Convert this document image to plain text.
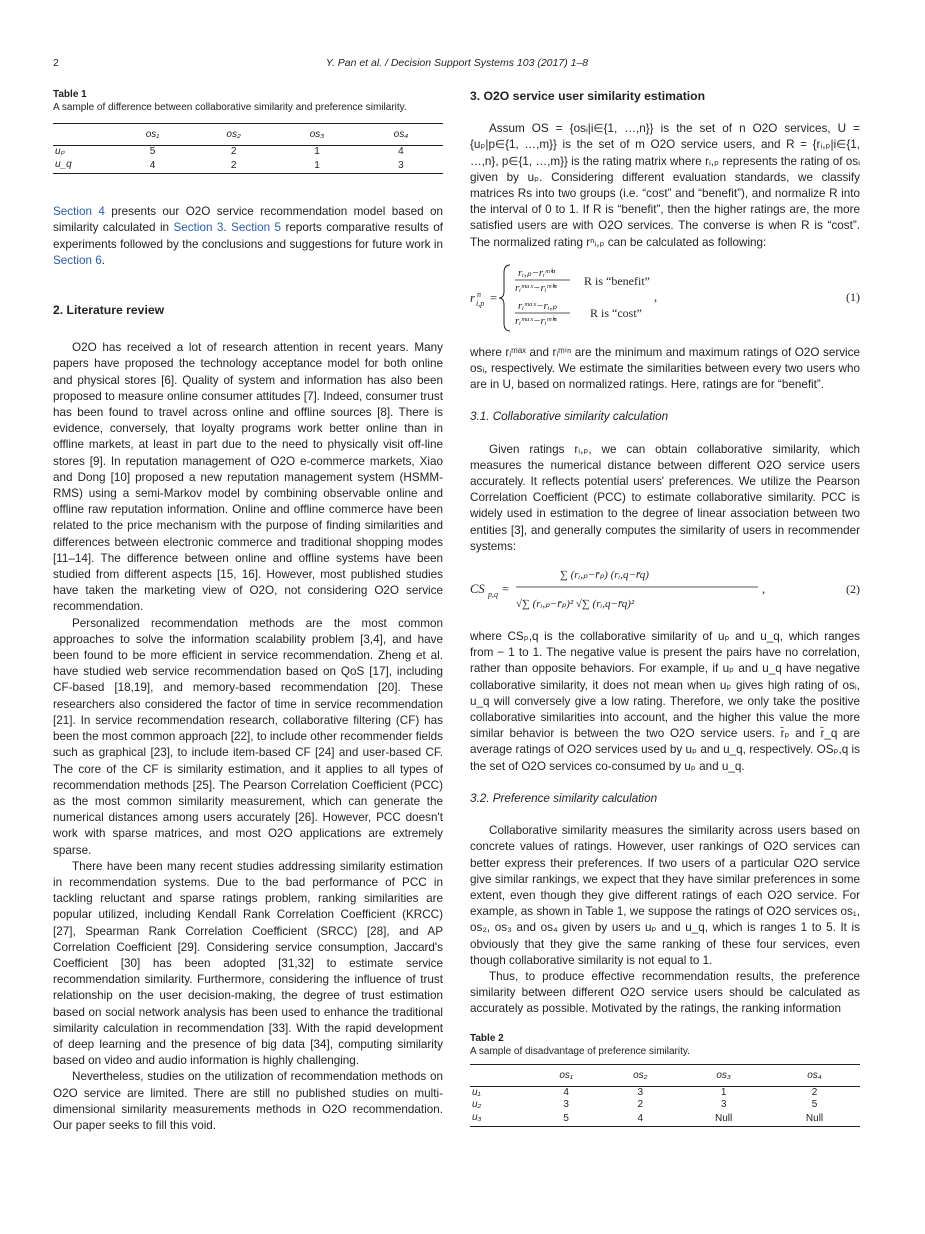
2	Y. Pan et al. / Decision Support Systems 103 (2017) 1–8
Table 1
A sample of difference between collaborative similarity and preference similarity.
	os₁	os₂	os₃	os₄
uₚ	5	2	1	4
u_q	4	2	1	3

Section 4 presents our O2O service recommendation model based on similarity calculated in Section 3. Section 5 reports comparative results of experiments followed by the conclusions and suggestions for future work in Section 6.

2. Literature review

O2O has received a lot of research attention in recent years. Many papers have proposed the technology acceptance model for both online and physical stores [6]. Quality of system and information has also been proposed to measure online consumer attitudes [7]. Indeed, consumer trust has been found to travel across online and offline sources [8]. There is evidence, conversely, that loyalty programs work better online than in offline markets, at least in part due to the need to physically visit off-line stores [9]. In reputation management of O2O e-commerce markets, Xiao and Dong [10] proposed a new reputation management system (HSMM-RMS) using a semi-Markov model by combining observable online and offline raw reputation information. Online and offline commerce have been related to the price mechanism with the purpose of finding similarities and differences between electronic commerce and traditional shopping modes [11–14]. The difference between online and offline systems have been studied from different aspects [15, 16]. However, most published studies have taken the marketing view of O2O, not considering O2O service recommendation.

Personalized recommendation methods are the most common approaches to solve the information scalability problem [3,4], and have been found to be more efficient in service recommendation. Zheng et al. have studied web service recommendation based on QoS [17], including CF-based [18,19], and memory-based recommendation [20]. These researchers also considered the factor of time in service recommendation [21]. In service recommendation research, collaborative filtering (CF) has been the most common approach [22], to include other recommender fields such as graphical [23], to include item-based CF [24] and user-based CF. The core of the CF is similarity estimation, and it applies to all types of recommendation methods [25]. The Pearson Correlation Coefficient (PCC) as the most common similarity measurement, which can generate the numerical distances among users accurately [26]. However, PCC doesn't work with sparse matrices, and most O2O applications are extremely sparse.

There have been many recent studies addressing similarity estimation in recommendation systems. Due to the bad performance of PCC in tackling reluctant and sparse ratings problem, ranking similarities are popular utilized, including Kendall Rank Correlation Coefficient (KRCC) [27], Spearman Rank Correlation Coefficient (SRCC) [28], and AP Correlation Coefficient [29]. Considering service consumption, Jaccard's Coefficient [30] has been adopted [31,32] to estimate service recommendation similarity. Furthermore, considering the influence of trust relationship on the user decision-making, the degree of trust estimation based on social network analysis has been used to enhance the traditional similarity calculation in recommendation [33]. With the rapid development of deep learning and the presence of big data [34], computing similarity based on video and audio information is highly challenging.

Nevertheless, studies on the utilization of recommendation methods on O2O service are limited. There are still no published studies on multi-dimensional similarity measurements methods in O2O recommendation. Our paper seeks to fill this void.

3. O2O service user similarity estimation

Assum OS = {osᵢ|i∈{1, …,n}} is the set of n O2O services, U = {uₚ|p∈{1, …,m}} is the set of m O2O service users, and R = {rᵢ,ₚ|i∈{1, …,n}, p∈{1, …,m}} is the rating matrix where rᵢ,ₚ represents the rating of osᵢ given by uₚ. Considering different evaluation standards, we classify matrices Rs into two groups (i.e. “cost” and “benefit”), and normalize R into the interval of 0 to 1. If R is “benefit”, then the higher ratings are, the more satisfied users are with O2O services. The converse is when R is “cost”. The normalized rating rⁿᵢ,ₚ can be calculated as following:

r n
i,p =
rᵢ,ₚ−rᵢᵐⁱⁿ
rᵢᵐᵃˣ−rᵢᵐⁱⁿ
rᵢᵐᵃˣ−rᵢ,ₚ
rᵢᵐᵃˣ−rᵢᵐⁱⁿ
R is “benefit”
R is “cost”
,	(1)

where rᵢᵐᵃˣ and rᵢᵐⁱⁿ are the minimum and maximum ratings of O2O service osᵢ, respectively. We estimate the similarities between every two users who are in U, based on normalized ratings. Here, ratings are for “benefit”.

3.1. Collaborative similarity calculation

Given ratings rᵢ,ₚ, we can obtain collaborative similarity, which measures the numerical distance between different O2O service users accurately. It reflects potential users' preferences. We utilize the Pearson Correlation Coefficient (PCC) to estimate collaborative similarity. PCC is widely used in estimation to the degree of linear association between two entities [3], and generally computes the similarity of users in recommender systems:

CS p,q =
∑ (rᵢ,ₚ−r̄ₚ) (rᵢ,q−r̄q)
√∑ (rᵢ,ₚ−r̄ₚ)² √∑ (rᵢ,q−r̄q)²
,	(2)

where CSₚ,q is the collaborative similarity of uₚ and u_q, which ranges from − 1 to 1. The negative value is present the pairs have no correlation, rather than opposite behaviors. For example, if uₚ and u_q have negative collaborative similarity, it does not mean when uₚ gives high rating of osᵢ, u_q will conversely give a low rating. Therefore, we only take the positive collaborative similarities into account, and the higher this value the more similar behavior is between the two O2O service users. r̄ₚ and r̄_q are average ratings of O2O services used by uₚ and u_q, respectively. OSₚ,q is the set of O2O services co-consumed by uₚ and u_q.

3.2. Preference similarity calculation

Collaborative similarity measures the similarity across users based on concrete values of ratings. However, user rankings of O2O services can better express their preferences. If two users of a particular O2O service give similar rankings, we expect that they have similar preferences in some extent, even though they give different ratings of each O2O service. For example, as shown in Table 1, we suppose the ratings of O2O services os₁, os₂, os₃ and os₄ given by users uₚ and u_q, which is ranges 1 to 5. It is obviously that they give the same ranking of these four services, even though collaborative similarity is not equal to 1.

Thus, to produce effective recommendation results, the preference similarity between different O2O service users should be calculated as accurately as possible. Motivated by the ratings, the ranking information

Table 2
A sample of disadvantage of preference similarity.
	os₁	os₂	os₃	os₄
u₁	4	3	1	2
u₂	3	2	3	5
u₃	5	4	Null	Null
